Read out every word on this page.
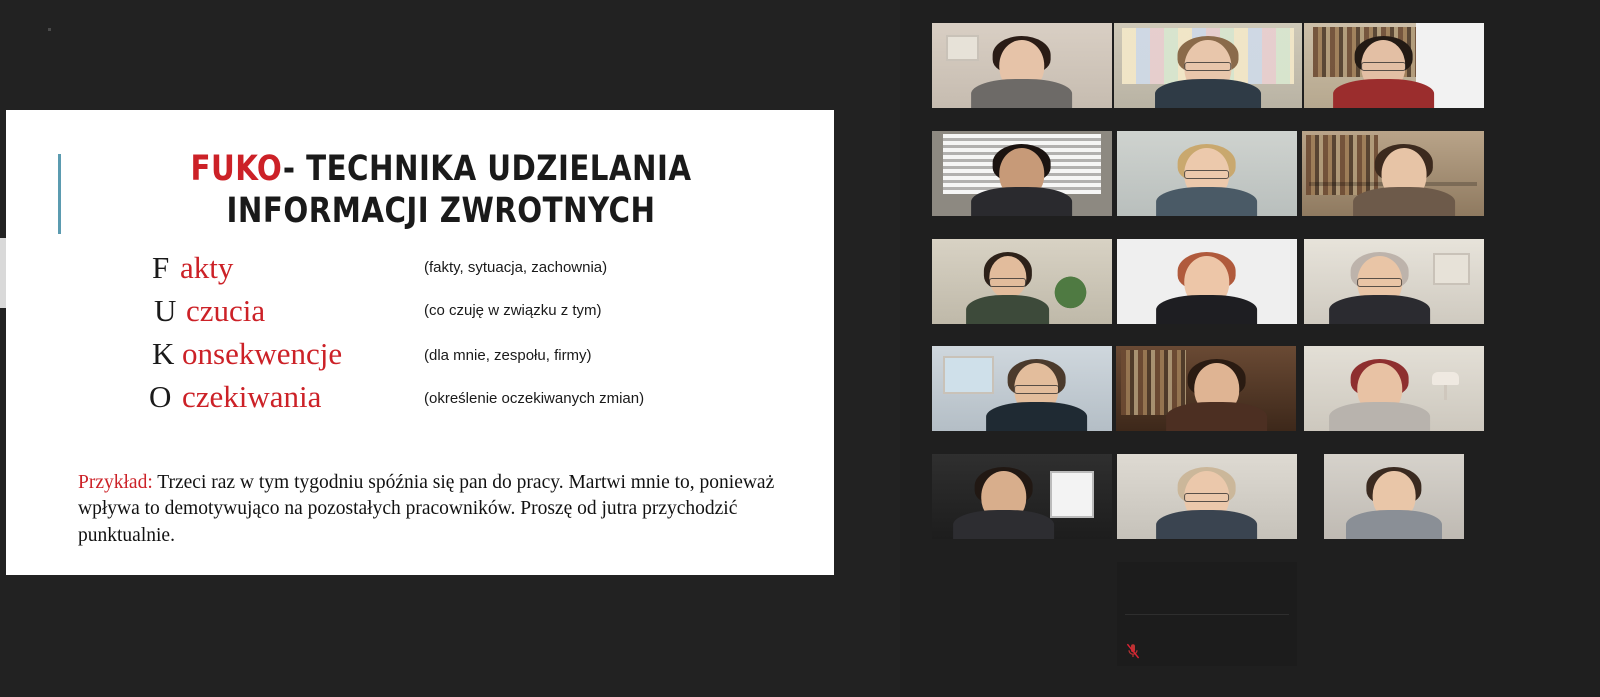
FUKO- TECHNIKA UDZIELANIA INFORMACJI ZWROTNYCH
F akty	(fakty, sytuacja, zachownia)
U czucia	(co czuję w związku z tym)
K onsekwencje	(dla mnie, zespołu, firmy)
O czekiwania	(określenie oczekiwanych zmian)
Przykład: Trzeci raz w tym tygodniu spóźnia się pan do pracy. Martwi mnie to, ponieważ wpływa to demotywująco na pozostałych pracowników. Proszę od jutra przychodzić punktualnie.
